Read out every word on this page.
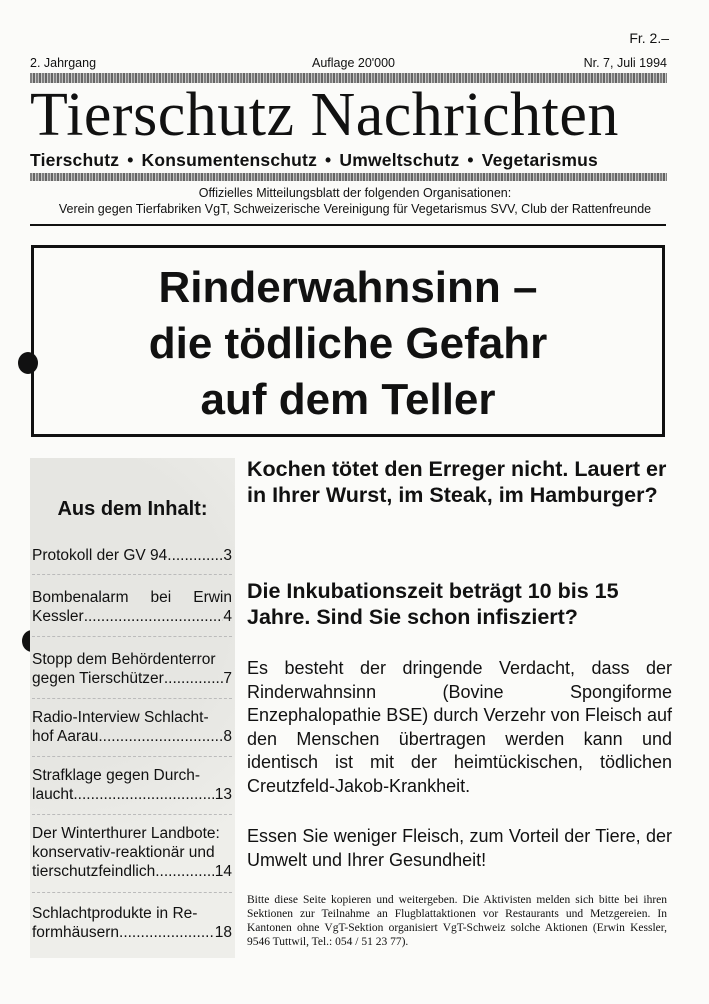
Fr. 2.–
2. Jahrgang	Auflage 20'000	Nr. 7, Juli 1994
Tierschutz Nachrichten
Tierschutz • Konsumentenschutz • Umweltschutz • Vegetarismus
Offizielles Mitteilungsblatt der folgenden Organisationen:
Verein gegen Tierfabriken VgT, Schweizerische Vereinigung für Vegetarismus SVV, Club der Rattenfreunde
Rinderwahnsinn –
die tödliche Gefahr
auf dem Teller
Aus dem Inhalt:
Protokoll der GV 94 .....	3
Bombenalarm bei Erwin
Kessler .....	4
Stopp dem Behördenterror
gegen Tierschützer .....	7
Radio-Interview Schlacht-
hof Aarau .....	8
Strafklage gegen Durch-
laucht .....	13
Der Winterthurer Landbote:
konservativ-reaktionär und
tierschutzfeindlich .....	14
Schlachtprodukte in Re-
formhäusern .....	18
Kochen tötet den Erreger nicht. Lauert er in Ihrer Wurst, im Steak, im Hamburger?
Die Inkubationszeit beträgt 10 bis 15 Jahre. Sind Sie schon infisziert?
Es besteht der dringende Verdacht, dass der Rinderwahnsinn (Bovine Spongiforme Enzephalopathie BSE) durch Verzehr von Fleisch auf den Menschen übertragen werden kann und identisch ist mit der heimtückischen, tödlichen Creutzfeld-Jakob-Krankheit.
Essen Sie weniger Fleisch, zum Vorteil der Tiere, der Umwelt und Ihrer Gesundheit!
Bitte diese Seite kopieren und weitergeben. Die Aktivisten melden sich bitte bei ihren Sektionen zur Teilnahme an Flugblattaktionen vor Restaurants und Metzgereien. In Kantonen ohne VgT-Sektion organisiert VgT-Schweiz solche Aktionen (Erwin Kessler, 9546 Tuttwil, Tel.: 054 / 51 23 77).
